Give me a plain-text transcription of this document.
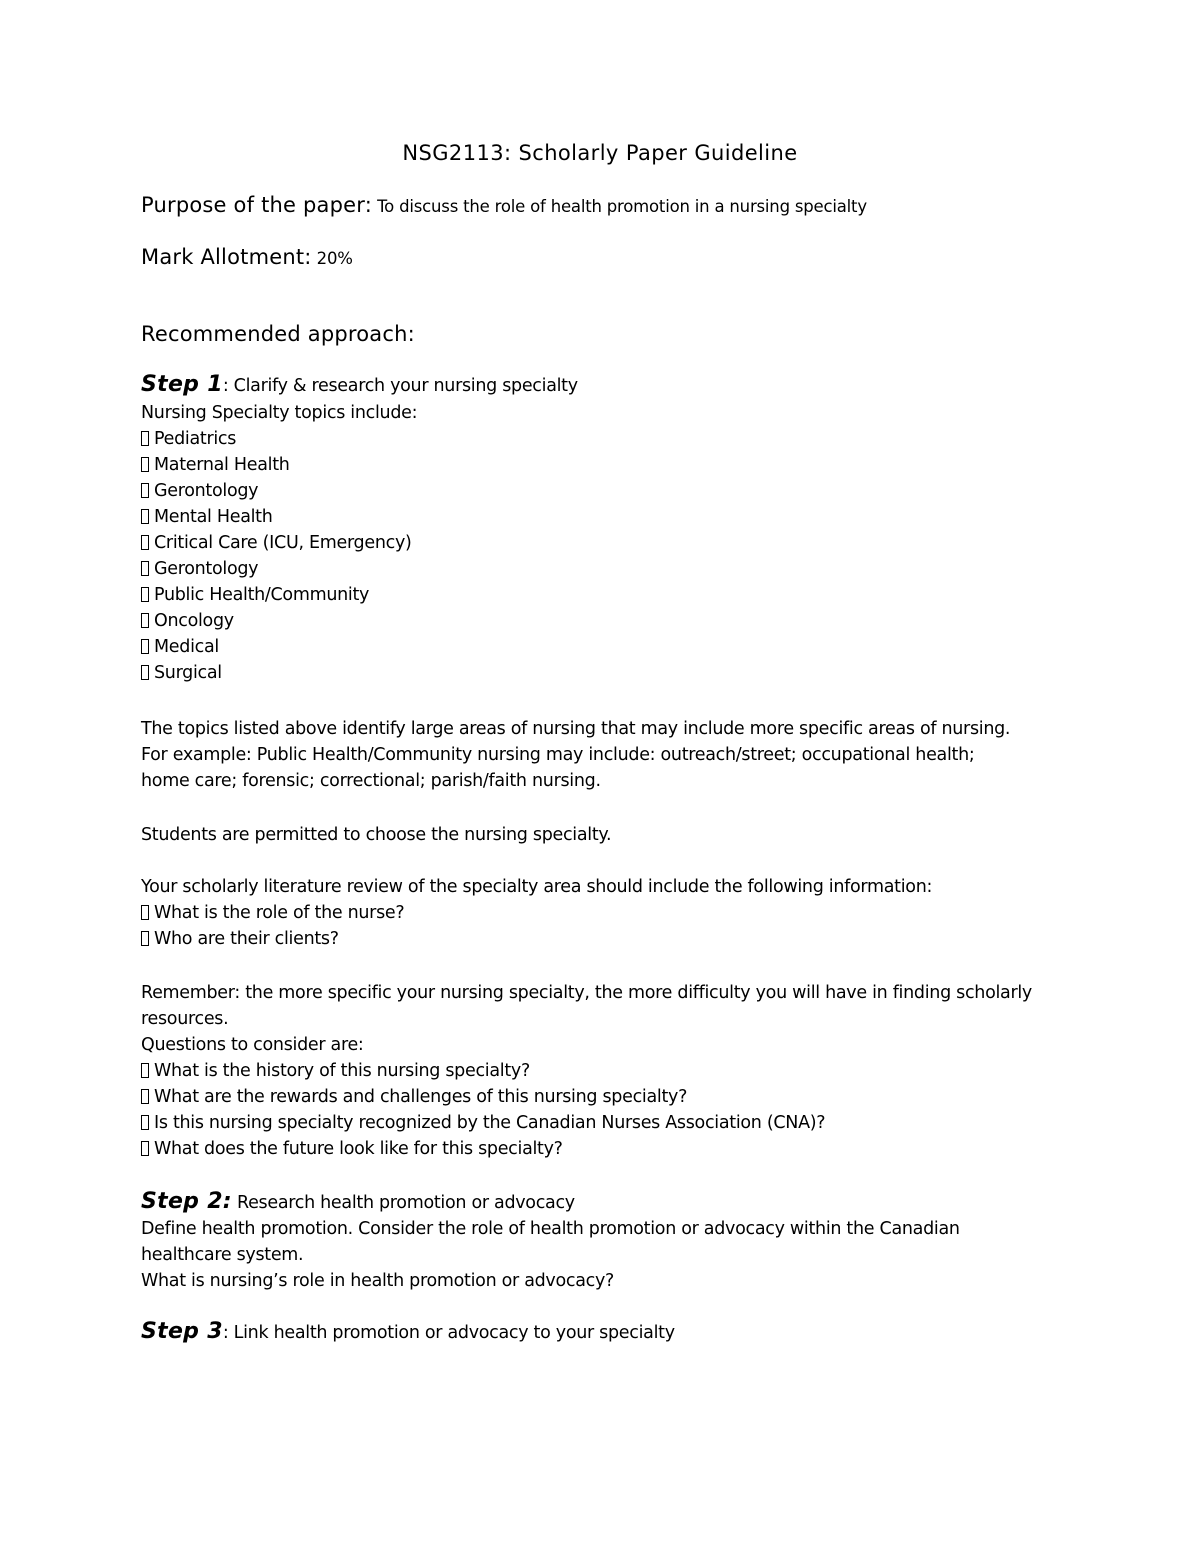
NSG2113: Scholarly Paper Guideline
Purpose of the paper: To discuss the role of health promotion in a nursing specialty
Mark Allotment: 20%
Recommended approach:
Step 1: Clarify & research your nursing specialty
Nursing Specialty topics include:
Pediatrics
Maternal Health
Gerontology
Mental Health
Critical Care (ICU, Emergency)
Gerontology
Public Health/Community
Oncology
Medical
Surgical
The topics listed above identify large areas of nursing that may include more specific areas of nursing.
For example: Public Health/Community nursing may include: outreach/street; occupational health;
home care; forensic; correctional; parish/faith nursing.
Students are permitted to choose the nursing specialty.
Your scholarly literature review of the specialty area should include the following information:
What is the role of the nurse?
Who are their clients?
Remember: the more specific your nursing specialty, the more difficulty you will have in finding scholarly
resources.
Questions to consider are:
What is the history of this nursing specialty?
What are the rewards and challenges of this nursing specialty?
Is this nursing specialty recognized by the Canadian Nurses Association (CNA)?
What does the future look like for this specialty?
Step 2: Research health promotion or advocacy
Define health promotion. Consider the role of health promotion or advocacy within the Canadian
healthcare system.
What is nursing’s role in health promotion or advocacy?
Step 3: Link health promotion or advocacy to your specialty
